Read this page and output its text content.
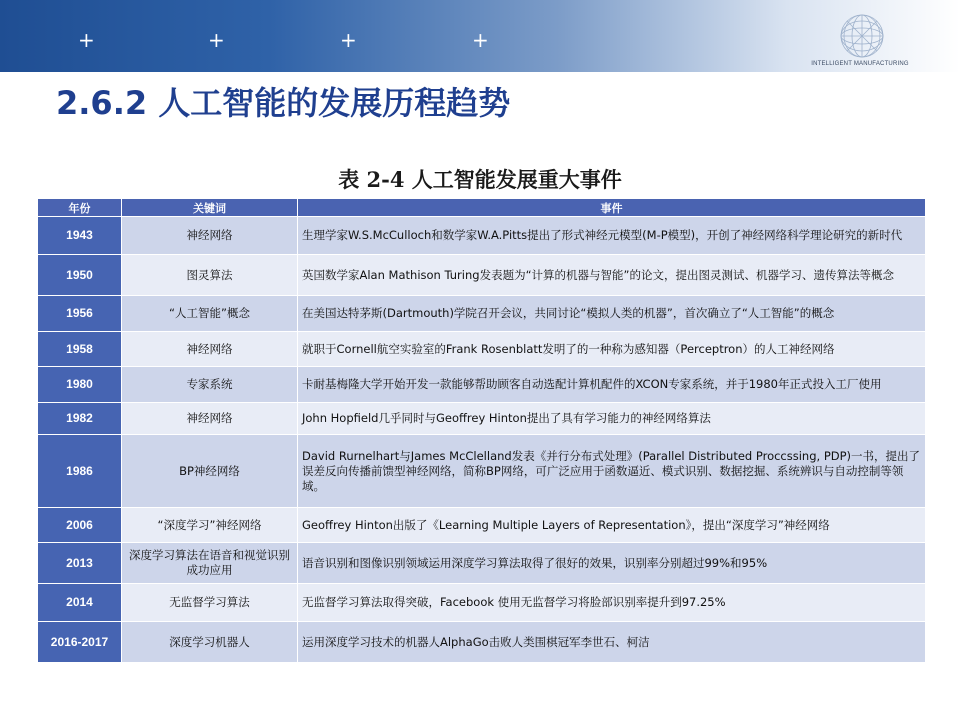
+	+	+	+
INTELLIGENT MANUFACTURING
2.6.2 人工智能的发展历程趋势
表 2-4 人工智能发展重大事件
年份	关键词	事件
1943	神经网络	生理学家W.S.McCulloch和数学家W.A.Pitts提出了形式神经元模型(M-P模型)，开创了神经网络科学理论研究的新时代
1950	图灵算法	英国数学家Alan Mathison Turing发表题为“计算的机器与智能”的论文，提出图灵测试、机器学习、遗传算法等概念
1956	“人工智能”概念	在美国达特茅斯(Dartmouth)学院召开会议，共同讨论“模拟人类的机器”，首次确立了“人工智能”的概念
1958	神经网络	就职于Cornell航空实验室的Frank Rosenblatt发明了的一种称为感知器（Perceptron）的人工神经网络
1980	专家系统	卡耐基梅隆大学开始开发一款能够帮助顾客自动选配计算机配件的XCON专家系统，并于1980年正式投入工厂使用
1982	神经网络	John Hopfield几乎同时与Geoffrey Hinton提出了具有学习能力的神经网络算法
1986	BP神经网络	David Rurnelhart与James McClelland发表《并行分布式处理》(Parallel Distributed Proccssing, PDP)一书，提出了误差反向传播前馈型神经网络，简称BP网络，可广泛应用于函数逼近、模式识别、数据挖掘、系统辨识与自动控制等领域。
2006	“深度学习”神经网络	Geoffrey Hinton出版了《Learning Multiple Layers of Representation》，提出“深度学习”神经网络
2013	深度学习算法在语音和视觉识别成功应用	语音识别和图像识别领域运用深度学习算法取得了很好的效果，识别率分别超过99%和95%
2014	无监督学习算法	无监督学习算法取得突破，Facebook 使用无监督学习将脸部识别率提升到97.25%
2016-2017	深度学习机器人	运用深度学习技术的机器人AlphaGo击败人类围棋冠军李世石、柯洁
